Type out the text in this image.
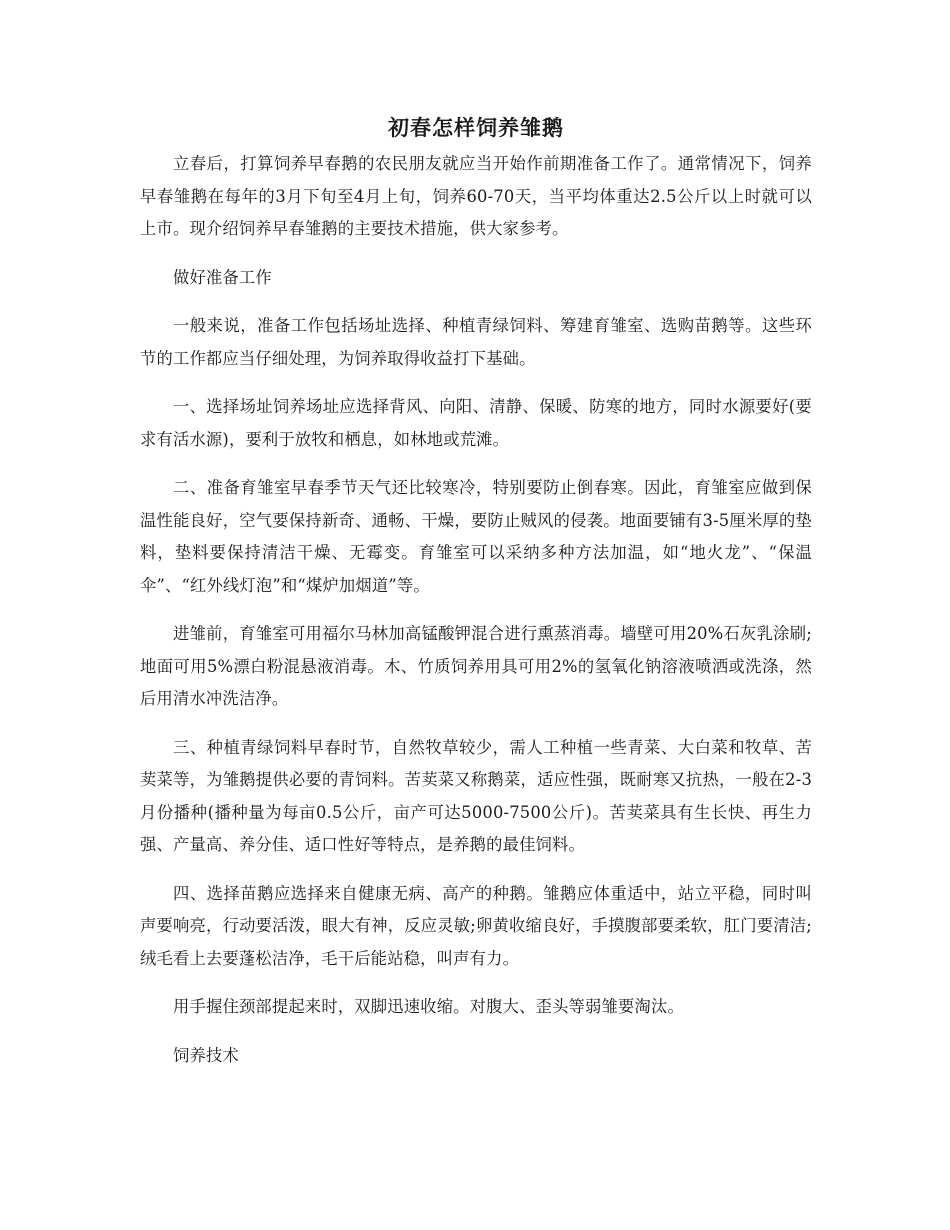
初春怎样饲养雏鹅

立春后，打算饲养早春鹅的农民朋友就应当开始作前期准备工作了。通常情况下，饲养早春雏鹅在每年的3月下旬至4月上旬，饲养60-70天，当平均体重达2.5公斤以上时就可以上市。现介绍饲养早春雏鹅的主要技术措施，供大家参考。

做好准备工作

一般来说，准备工作包括场址选择、种植青绿饲料、筹建育雏室、选购苗鹅等。这些环节的工作都应当仔细处理，为饲养取得收益打下基础。

一、选择场址饲养场址应选择背风、向阳、清静、保暖、防寒的地方，同时水源要好(要求有活水源)，要利于放牧和栖息，如林地或荒滩。

二、准备育雏室早春季节天气还比较寒冷，特别要防止倒春寒。因此，育雏室应做到保温性能良好，空气要保持新奇、通畅、干燥，要防止贼风的侵袭。地面要铺有3-5厘米厚的垫料，垫料要保持清洁干燥、无霉变。育雏室可以采纳多种方法加温，如“地火龙”、“保温伞”、“红外线灯泡”和“煤炉加烟道”等。

进雏前，育雏室可用福尔马林加高锰酸钾混合进行熏蒸消毒。墙壁可用20%石灰乳涂刷;地面可用5%漂白粉混悬液消毒。木、竹质饲养用具可用2%的氢氧化钠溶液喷洒或洗涤，然后用清水冲洗洁净。

三、种植青绿饲料早春时节，自然牧草较少，需人工种植一些青菜、大白菜和牧草、苦荬菜等，为雏鹅提供必要的青饲料。苦荬菜又称鹅菜，适应性强，既耐寒又抗热，一般在2-3月份播种(播种量为每亩0.5公斤，亩产可达5000-7500公斤)。苦荬菜具有生长快、再生力强、产量高、养分佳、适口性好等特点，是养鹅的最佳饲料。

四、选择苗鹅应选择来自健康无病、高产的种鹅。雏鹅应体重适中，站立平稳，同时叫声要响亮，行动要活泼，眼大有神，反应灵敏;卵黄收缩良好，手摸腹部要柔软，肛门要清洁;绒毛看上去要蓬松洁净，毛干后能站稳，叫声有力。

用手握住颈部提起来时，双脚迅速收缩。对腹大、歪头等弱雏要淘汰。

饲养技术
